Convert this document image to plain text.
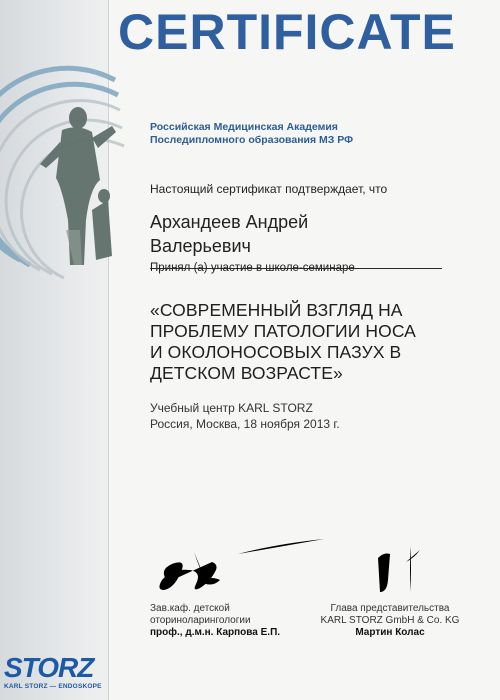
CERTIFICATE
Российская Медицинская Академия
Последипломного образования МЗ РФ
Настоящий сертификат подтверждает, что
Архандеев Андрей
Валерьевич
Принял (а) участие в школе-семинаре
«СОВРЕМЕННЫЙ ВЗГЛЯД НА
ПРОБЛЕМУ ПАТОЛОГИИ НОСА
И ОКОЛОНОСОВЫХ ПАЗУХ В
ДЕТСКОМ ВОЗРАСТЕ»
Учебный центр KARL STORZ
Россия, Москва, 18 ноября 2013 г.
Зав.каф. детской
оториноларингологии
проф., д.м.н. Карпова Е.П.
Глава представительства
KARL STORZ GmbH & Co. KG
Мартин Колас
STORZ
KARL STORZ — ENDOSKOPE
